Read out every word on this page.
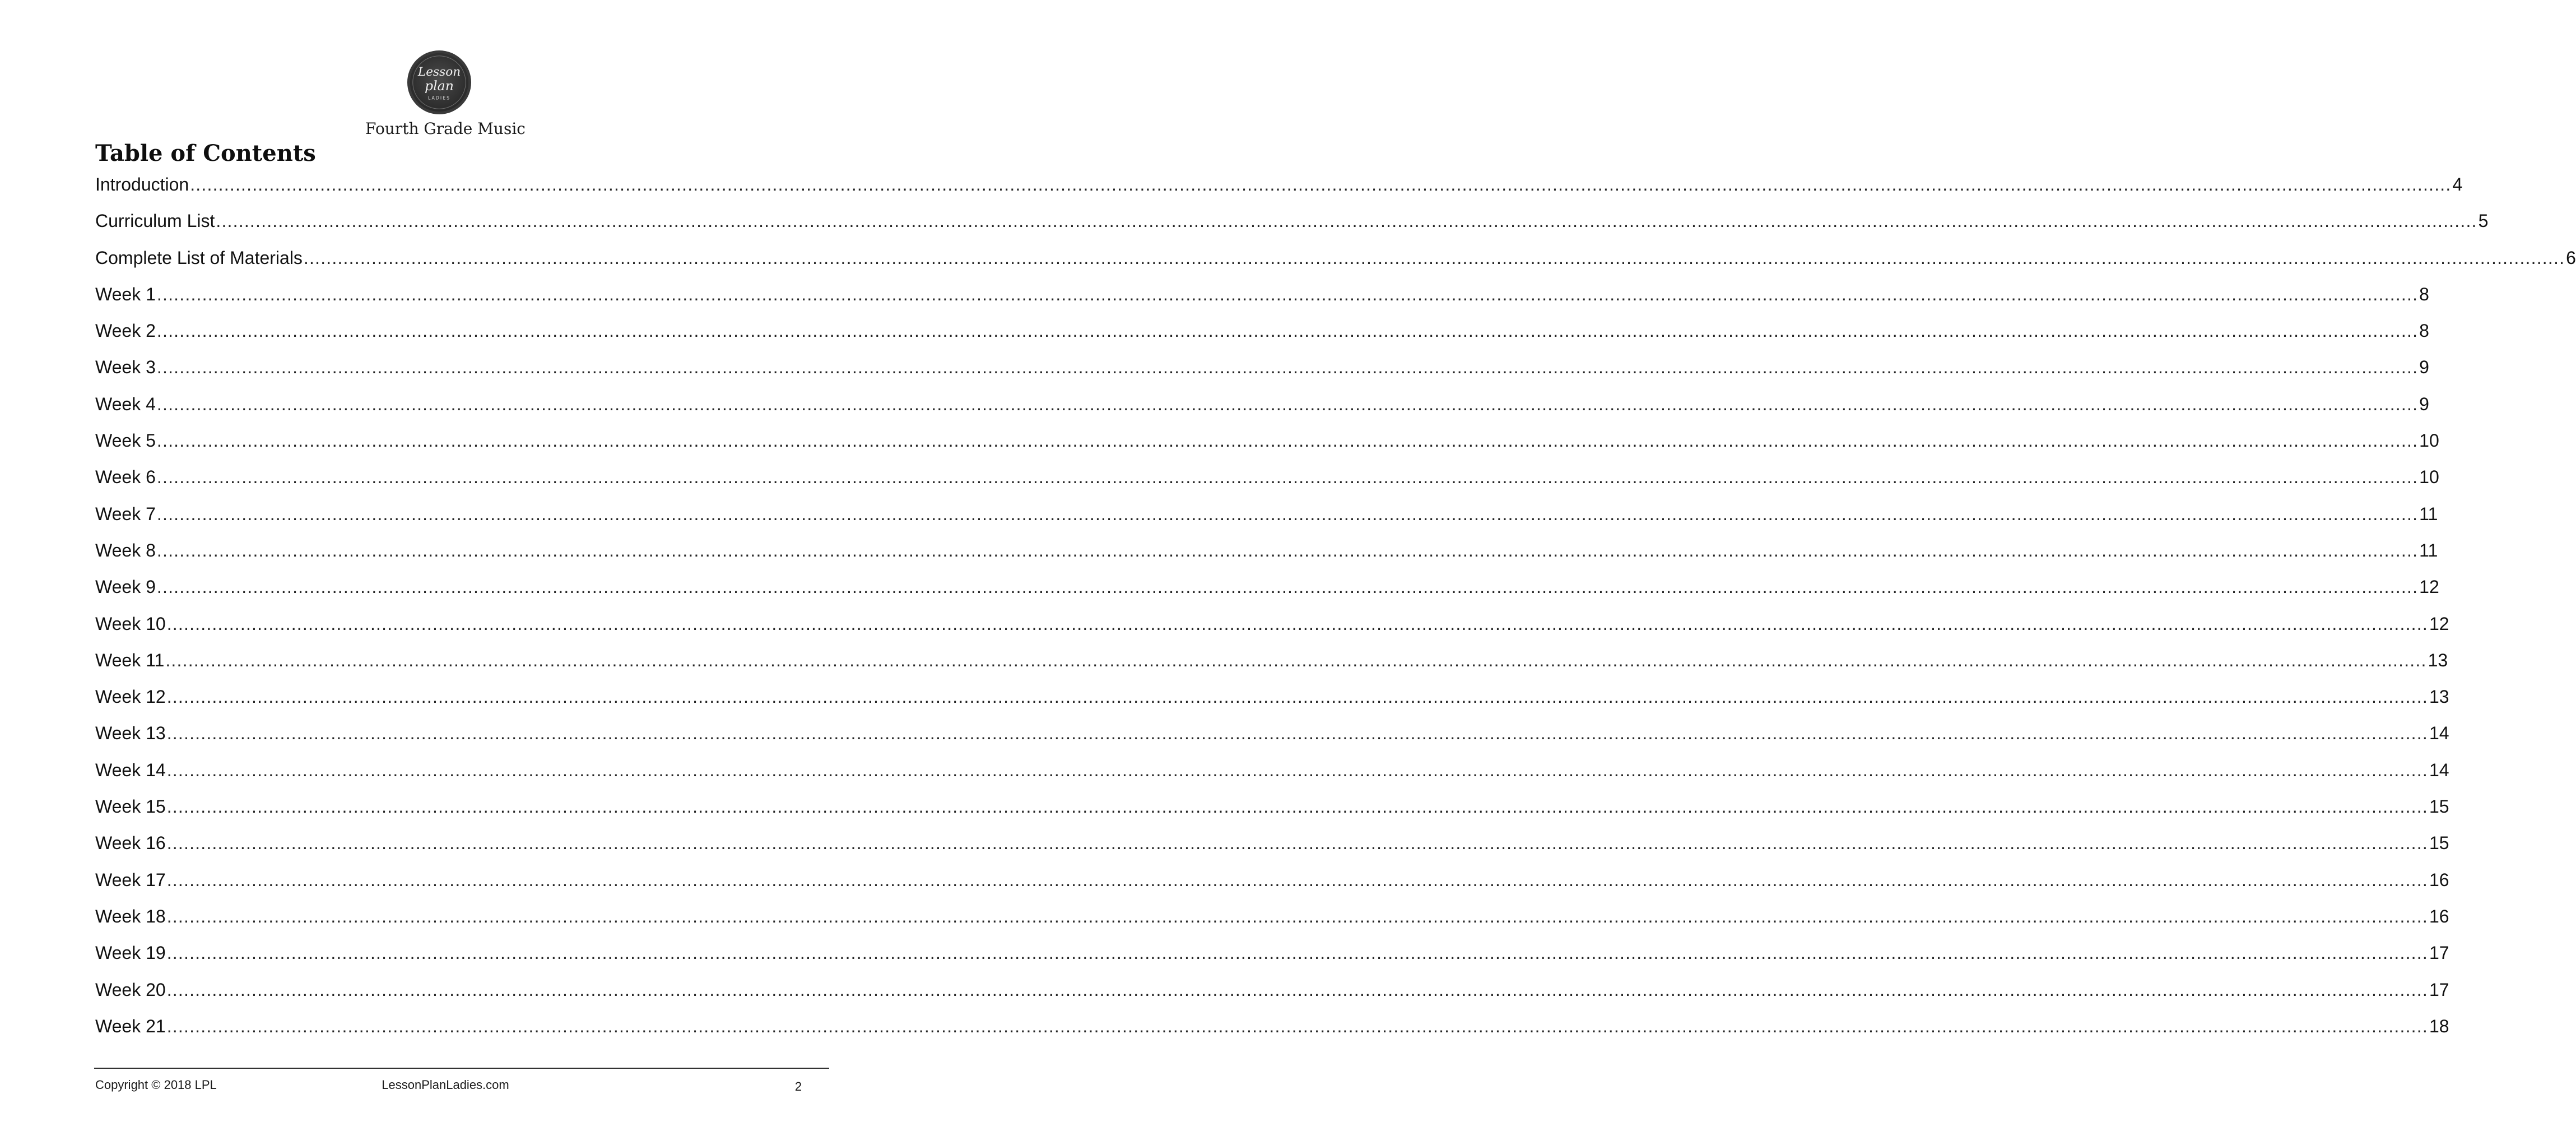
Lesson
plan
LADIES
Fourth Grade Music
Table of Contents
Introduction ................................................................................................................................................................................................................................................................................................................................................................................................................ 4
Curriculum List ................................................................................................................................................................................................................................................................................................................................................................................................................ 5
Complete List of Materials ................................................................................................................................................................................................................................................................................................................................................................................................................ 6
Week 1 ................................................................................................................................................................................................................................................................................................................................................................................................................ 8
Week 2 ................................................................................................................................................................................................................................................................................................................................................................................................................ 8
Week 3 ................................................................................................................................................................................................................................................................................................................................................................................................................ 9
Week 4 ................................................................................................................................................................................................................................................................................................................................................................................................................ 9
Week 5 ................................................................................................................................................................................................................................................................................................................................................................................................................ 10
Week 6 ................................................................................................................................................................................................................................................................................................................................................................................................................ 10
Week 7 ................................................................................................................................................................................................................................................................................................................................................................................................................ 11
Week 8 ................................................................................................................................................................................................................................................................................................................................................................................................................ 11
Week 9 ................................................................................................................................................................................................................................................................................................................................................................................................................ 12
Week 10 ................................................................................................................................................................................................................................................................................................................................................................................................................ 12
Week 11 ................................................................................................................................................................................................................................................................................................................................................................................................................ 13
Week 12 ................................................................................................................................................................................................................................................................................................................................................................................................................ 13
Week 13 ................................................................................................................................................................................................................................................................................................................................................................................................................ 14
Week 14 ................................................................................................................................................................................................................................................................................................................................................................................................................ 14
Week 15 ................................................................................................................................................................................................................................................................................................................................................................................................................ 15
Week 16 ................................................................................................................................................................................................................................................................................................................................................................................................................ 15
Week 17 ................................................................................................................................................................................................................................................................................................................................................................................................................ 16
Week 18 ................................................................................................................................................................................................................................................................................................................................................................................................................ 16
Week 19 ................................................................................................................................................................................................................................................................................................................................................................................................................ 17
Week 20 ................................................................................................................................................................................................................................................................................................................................................................................................................ 17
Week 21 ................................................................................................................................................................................................................................................................................................................................................................................................................ 18
Copyright © 2018 LPL	LessonPlanLadies.com	2
